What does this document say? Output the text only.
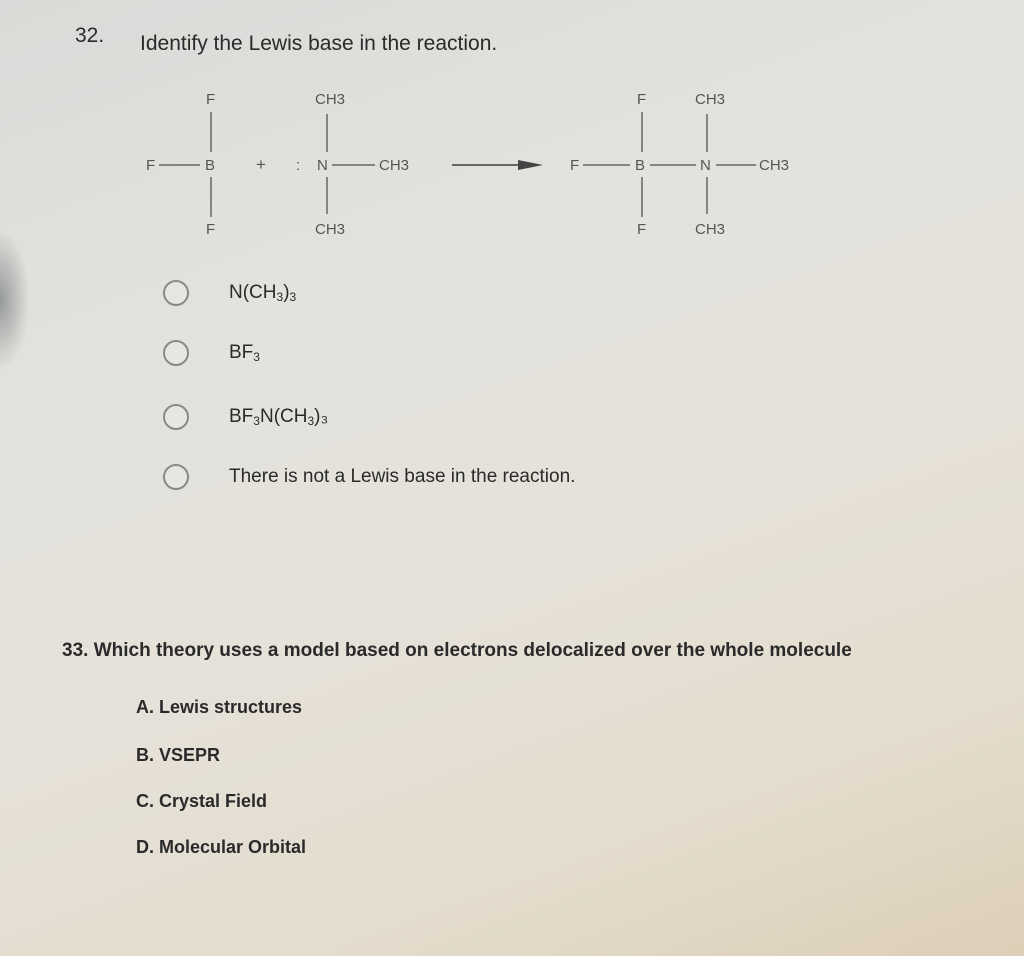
32. Identify the Lewis base in the reaction.
F
F	B
F
+
CH3
: N	CH3
CH3
F
F	B
F
CH3
N	CH3
CH3
$N(CH_3)_3$
$BF_3$
$BF_3N(CH_3)_3$
There is not a Lewis base in the reaction.
33. Which theory uses a model based on electrons delocalized over the whole molecule
A. Lewis structures
B. VSEPR
C. Crystal Field
D. Molecular Orbital
